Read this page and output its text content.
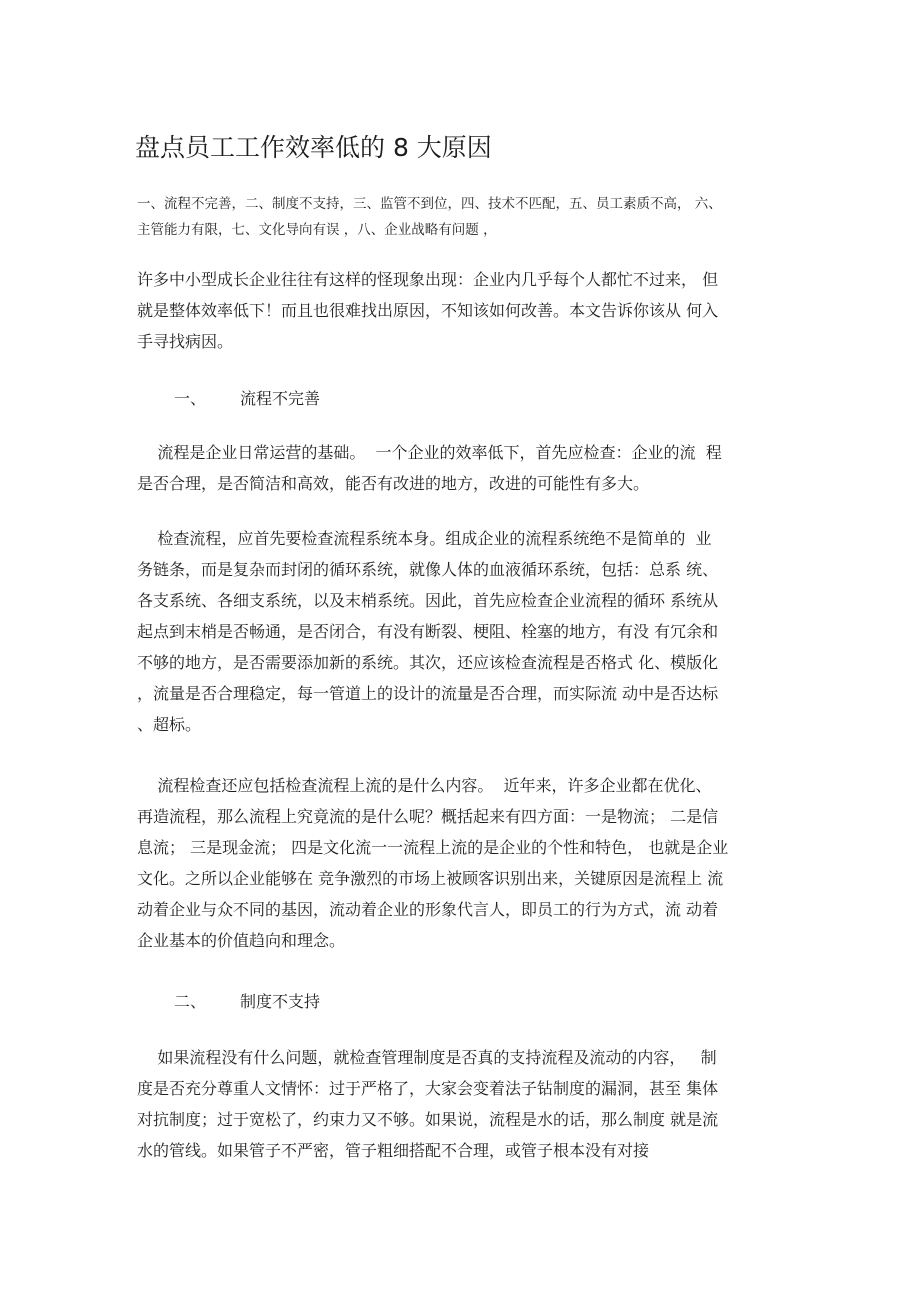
盘点员工工作效率低的 8 大原因
一、流程不完善，二、制度不支持，三、监管不到位，四、技术不匹配，五、员工素质不高， 六、
主管能力有限，七、文化导向有误 ，八、企业战略有问题 ，
许多中小型成长企业往往有这样的怪现象出现：企业内几乎每个人都忙不过来， 但
就是整体效率低下！而且也很难找出原因，不知该如何改善。本文告诉你该从 何入
手寻找病因。
一、 流程不完善
流程是企业日常运营的基础。  一个企业的效率低下，首先应检查：企业的流  程
是否合理，是否简洁和高效，能否有改进的地方，改进的可能性有多大。
检查流程，应首先要检查流程系统本身。组成企业的流程系统绝不是简单的  业
务链条，而是复杂而封闭的循环系统，就像人体的血液循环系统，包括：总系 统、
各支系统、各细支系统，以及末梢系统。因此，首先应检查企业流程的循环 系统从
起点到末梢是否畅通，是否闭合，有没有断裂、梗阻、栓塞的地方，有没 有冗余和
不够的地方，是否需要添加新的系统。其次，还应该检查流程是否格式 化、模版化
，流量是否合理稳定，每一管道上的设计的流量是否合理，而实际流 动中是否达标
、超标。
流程检查还应包括检查流程上流的是什么内容。  近年来，许多企业都在优化、
再造流程，那么流程上究竟流的是什么呢？概括起来有四方面：一是物流； 二是信
息流； 三是现金流； 四是文化流一一流程上流的是企业的个性和特色， 也就是企业
文化。之所以企业能够在 竞争激烈的市场上被顾客识别出来，关键原因是流程上 流
动着企业与众不同的基因，流动着企业的形象代言人，即员工的行为方式，流 动着
企业基本的价值趋向和理念。
二、 制度不支持
如果流程没有什么问题，就检查管理制度是否真的支持流程及流动的内容，   制
度是否充分尊重人文情怀：过于严格了，大家会变着法子钻制度的漏洞，甚至 集体
对抗制度；过于宽松了，约束力又不够。如果说，流程是水的话，那么制度 就是流
水的管线。如果管子不严密，管子粗细搭配不合理，或管子根本没有对接
